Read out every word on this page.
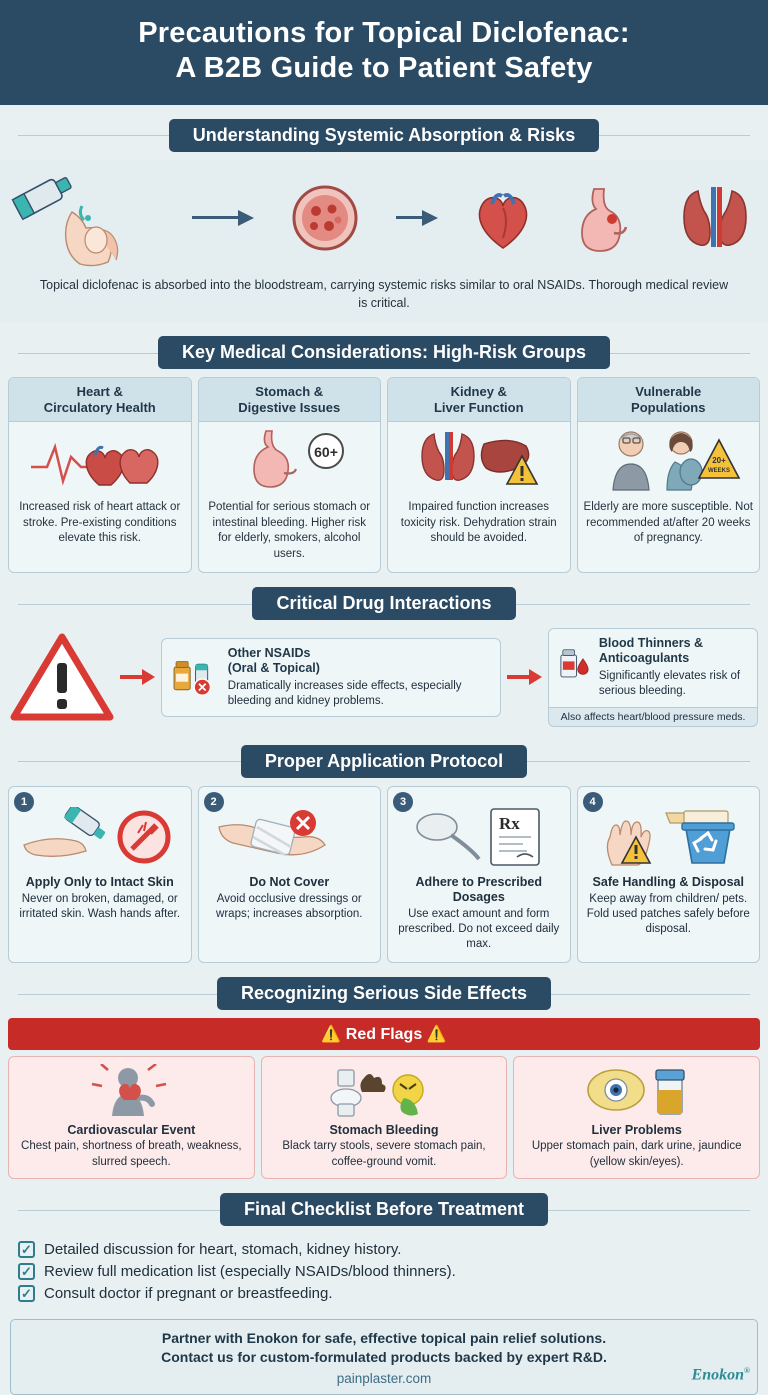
Precautions for Topical Diclofenac:
A B2B Guide to Patient Safety
Understanding Systemic Absorption & Risks
Topical diclofenac is absorbed into the bloodstream, carrying systemic risks similar to oral NSAIDs. Thorough medical review is critical.
Key Medical Considerations: High-Risk Groups
Heart &
Circulatory Health
Increased risk of heart attack or stroke. Pre-existing conditions elevate this risk.
Stomach &
Digestive Issues
60+
Potential for serious stomach or intestinal bleeding. Higher risk for elderly, smokers, alcohol users.
Kidney &
Liver Function
Impaired function increases toxicity risk. Dehydration strain should be avoided.
Vulnerable
Populations
20+
WEEKS
Elderly are more susceptible. Not recommended at/after 20 weeks of pregnancy.
Critical Drug Interactions
Other NSAIDs
(Oral & Topical)

Dramatically increases side effects, especially bleeding and kidney problems.

Blood Thinners &
Anticoagulants

Significantly elevates risk of serious bleeding.

Also affects heart/blood pressure meds.
Proper Application Protocol
1
Apply Only to Intact Skin
Never on broken, damaged, or irritated skin. Wash hands after.
2
Do Not Cover
Avoid occlusive dressings or wraps; increases absorption.
3
Rx
Adhere to Prescribed Dosages
Use exact amount and form prescribed. Do not exceed daily max.
4
Safe Handling & Disposal
Keep away from children/ pets. Fold used patches safely before disposal.
Recognizing Serious Side Effects
⚠️ Red Flags ⚠️
Cardiovascular Event
Chest pain, shortness of breath, weakness, slurred speech.
Stomach Bleeding
Black tarry stools, severe stomach pain, coffee-ground vomit.
Liver Problems
Upper stomach pain, dark urine, jaundice (yellow skin/eyes).
Final Checklist Before Treatment
✓ Detailed discussion for heart, stomach, kidney history.
✓ Review full medication list (especially NSAIDs/blood thinners).
✓ Consult doctor if pregnant or breastfeeding.

Partner with Enokon for safe, effective topical pain relief solutions.

Contact us for custom-formulated products backed by expert R&D.

painplaster.com	Enokon®
